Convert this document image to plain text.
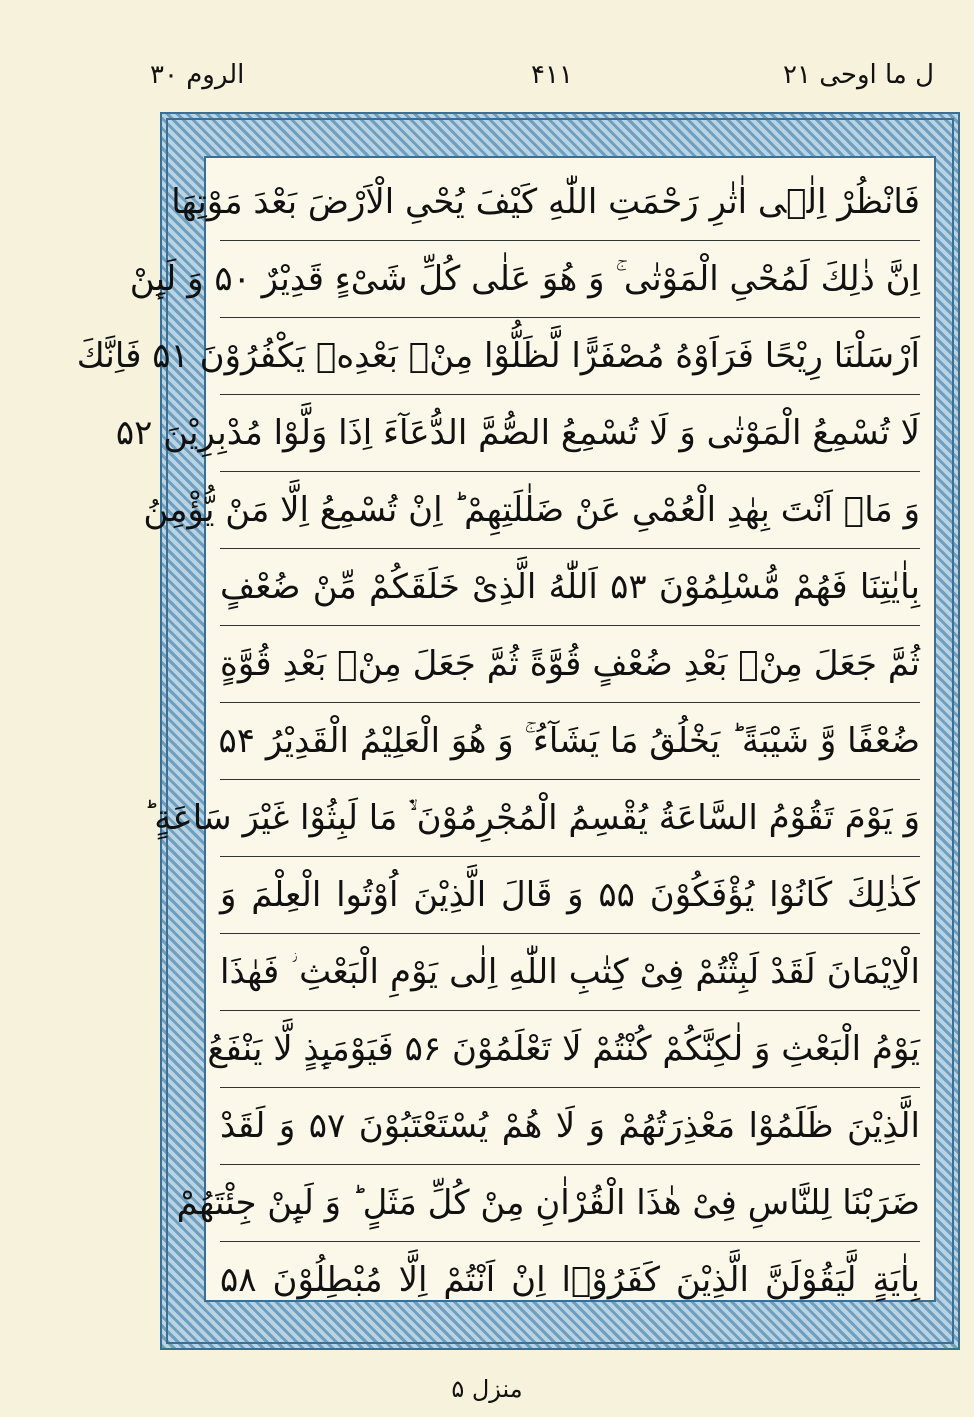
ل ما اوحی ۲۱
۴۱۱
الروم ۳۰
فَانْظُرْ اِلٰۤی اٰثٰرِ رَحْمَتِ اللّٰهِ كَیْفَ یُحْیِ الْاَرْضَ بَعْدَ مَوْتِهَا
اِنَّ ذٰلِكَ لَمُحْیِ الْمَوْتٰی ۚ وَ هُوَ عَلٰی كُلِّ شَیْءٍ قَدِیْرٌ ۵۰ وَ لَىِٕنْ
اَرْسَلْنَا رِیْحًا فَرَاَوْهُ مُصْفَرًّا لَّظَلُّوْا مِنْۢ بَعْدِهٖ یَكْفُرُوْنَ ۵۱ فَاِنَّكَ
لَا تُسْمِعُ الْمَوْتٰی وَ لَا تُسْمِعُ الصُّمَّ الدُّعَآءَ اِذَا وَلَّوْا مُدْبِرِیْنَ ۵۲
وَ مَاۤ اَنْتَ بِهٰدِ الْعُمْیِ عَنْ ضَلٰلَتِهِمْ ؕ اِنْ تُسْمِعُ اِلَّا مَنْ یُّؤْمِنُ
بِاٰیٰتِنَا فَهُمْ مُّسْلِمُوْنَ ۵۳ اَللّٰهُ الَّذِیْ خَلَقَكُمْ مِّنْ ضُعْفٍ
ثُمَّ جَعَلَ مِنْۢ بَعْدِ ضُعْفٍ قُوَّةً ثُمَّ جَعَلَ مِنْۢ بَعْدِ قُوَّةٍ
ضُعْفًا وَّ شَیْبَةً ؕ یَخْلُقُ مَا یَشَآءُ ۚ وَ هُوَ الْعَلِیْمُ الْقَدِیْرُ ۵۴
وَ یَوْمَ تَقُوْمُ السَّاعَةُ یُقْسِمُ الْمُجْرِمُوْنَ ۙ۬ مَا لَبِثُوْا غَیْرَ سَاعَةٍ ؕ
كَذٰلِكَ كَانُوْا یُؤْفَكُوْنَ ۵۵ وَ قَالَ الَّذِیْنَ اُوْتُوا الْعِلْمَ وَ
الْاِیْمَانَ لَقَدْ لَبِثْتُمْ فِیْ كِتٰبِ اللّٰهِ اِلٰی یَوْمِ الْبَعْثِ ؗ فَهٰذَا
یَوْمُ الْبَعْثِ وَ لٰكِنَّكُمْ كُنْتُمْ لَا تَعْلَمُوْنَ ۵۶ فَیَوْمَىِٕذٍ لَّا یَنْفَعُ
الَّذِیْنَ ظَلَمُوْا مَعْذِرَتُهُمْ وَ لَا هُمْ یُسْتَعْتَبُوْنَ ۵۷ وَ لَقَدْ
ضَرَبْنَا لِلنَّاسِ فِیْ هٰذَا الْقُرْاٰنِ مِنْ كُلِّ مَثَلٍ ؕ وَ لَىِٕنْ جِئْتَهُمْ
بِاٰیَةٍ لَّیَقُوْلَنَّ الَّذِیْنَ كَفَرُوْۤا اِنْ اَنْتُمْ اِلَّا مُبْطِلُوْنَ ۵۸
منزل ۵
